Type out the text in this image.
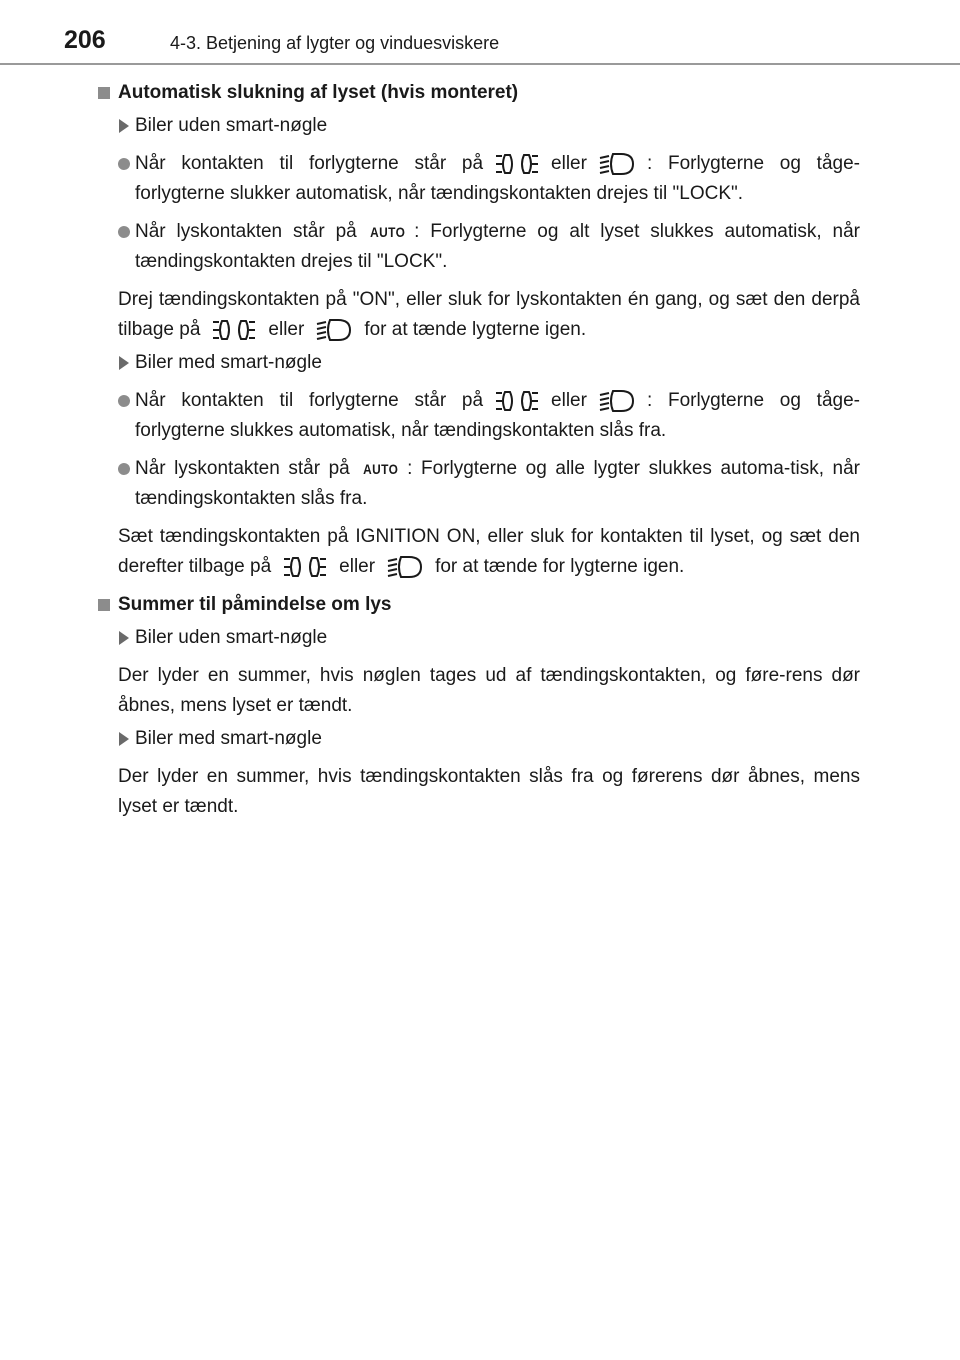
206	4-3. Betjening af lygter og vinduesviskere
Automatisk slukning af lyset (hvis monteret)
Biler uden smart-nøgle
Når kontakten til forlygterne står på	eller	: Forlygterne og tåge-forlygterne slukker automatisk, når tændingskontakten drejes til "LOCK".
Når lyskontakten står på AUTO : Forlygterne og alt lyset slukkes automatisk, når tændingskontakten drejes til "LOCK".
Drej tændingskontakten på "ON", eller sluk for lyskontakten én gang, og sæt den derpå tilbage på	eller	for at tænde lygterne igen.
Biler med smart-nøgle
Når kontakten til forlygterne står på	eller	: Forlygterne og tåge-forlygterne slukkes automatisk, når tændingskontakten slås fra.
Når lyskontakten står på AUTO : Forlygterne og alle lygter slukkes automa-tisk, når tændingskontakten slås fra.
Sæt tændingskontakten på IGNITION ON, eller sluk for kontakten til lyset, og sæt den derefter tilbage på	eller	for at tænde for lygterne igen.
Summer til påmindelse om lys
Biler uden smart-nøgle
Der lyder en summer, hvis nøglen tages ud af tændingskontakten, og føre-rens dør åbnes, mens lyset er tændt.
Biler med smart-nøgle
Der lyder en summer, hvis tændingskontakten slås fra og førerens dør åbnes, mens lyset er tændt.
